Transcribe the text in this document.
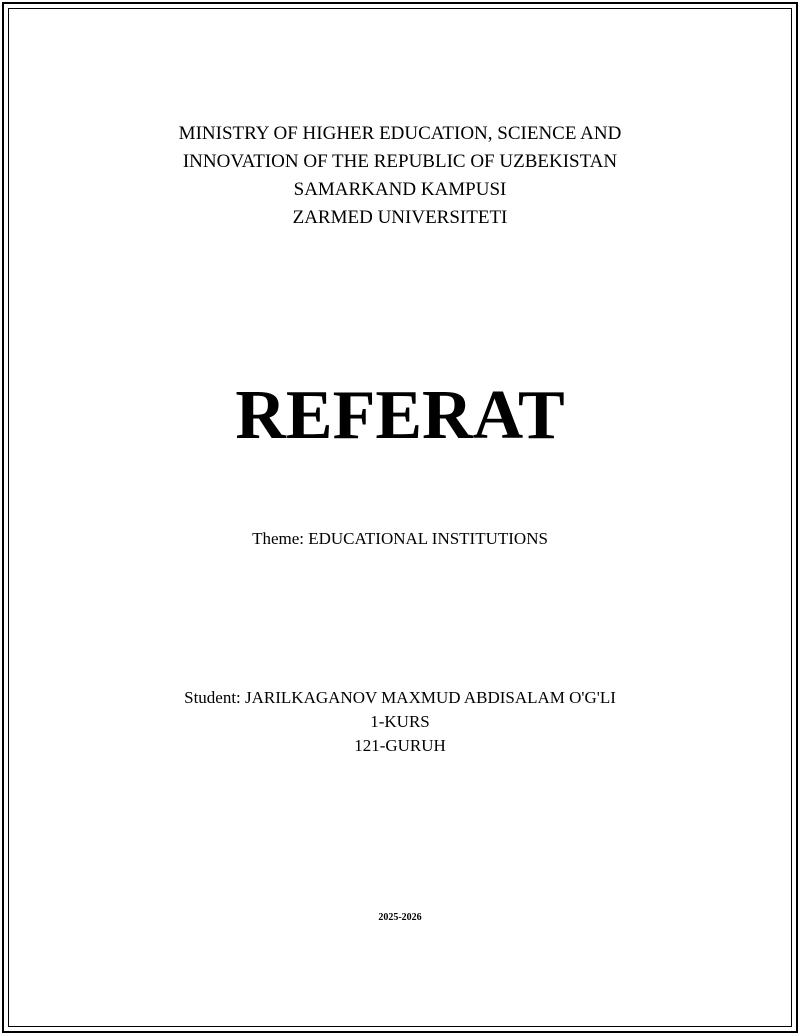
MINISTRY OF HIGHER EDUCATION, SCIENCE AND
INNOVATION OF THE REPUBLIC OF UZBEKISTAN
SAMARKAND KAMPUSI
ZARMED UNIVERSITETI
REFERAT
Theme: EDUCATIONAL INSTITUTIONS
Student: JARILKAGANOV MAXMUD ABDISALAM O'G'LI
1-KURS
121-GURUH
2025-2026
